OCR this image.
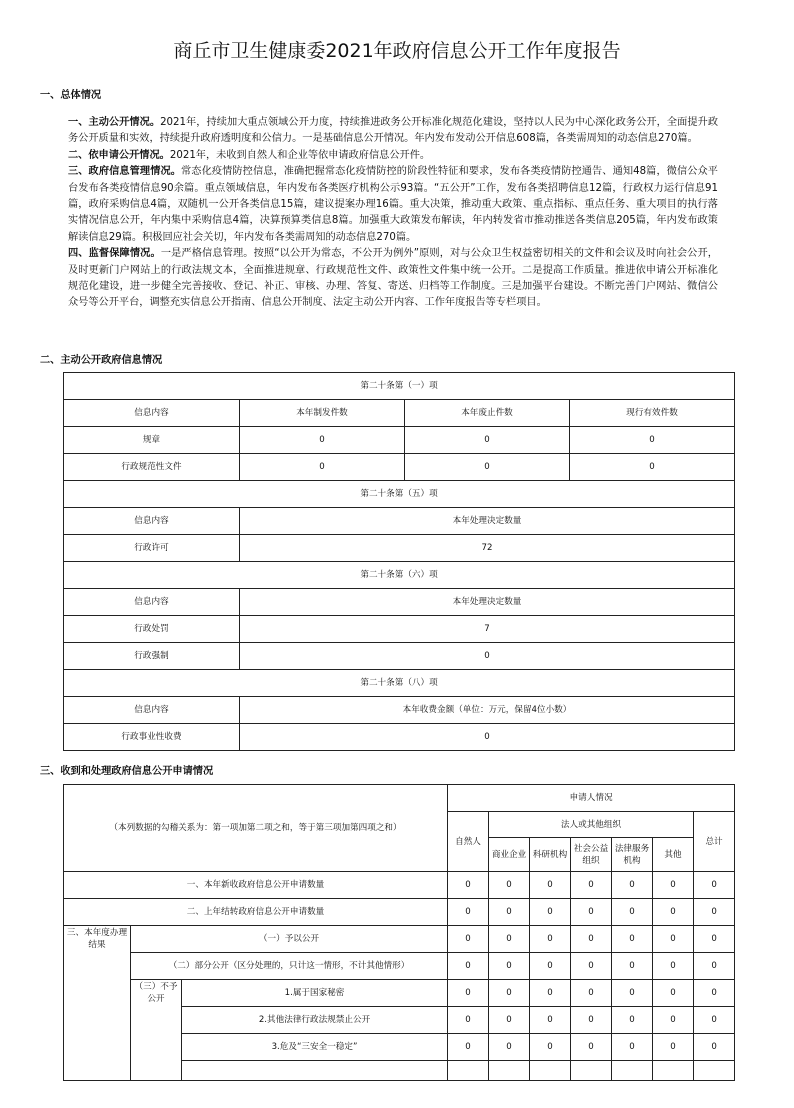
商丘市卫生健康委2021年政府信息公开工作年度报告
一、总体情况

一、主动公开情况。2021年，持续加大重点领域公开力度，持续推进政务公开标准化规范化建设，坚持以人民为中心深化政务公开，全面提升政务公开质量和实效，持续提升政府透明度和公信力。一是基础信息公开情况。年内发布发动公开信息608篇，各类需周知的动态信息270篇。

二、依申请公开情况。2021年，未收到自然人和企业等依申请政府信息公开件。

三、政府信息管理情况。常态化疫情防控信息，准确把握常态化疫情防控的阶段性特征和要求，发布各类疫情防控通告、通知48篇，微信公众平台发布各类疫情信息90余篇。重点领域信息，年内发布各类医疗机构公示93篇。“五公开”工作，发布各类招聘信息12篇，行政权力运行信息91篇，政府采购信息4篇，双随机一公开各类信息15篇，建议提案办理16篇。重大决策，推动重大政策、重点指标、重点任务、重大项目的执行落实情况信息公开，年内集中采购信息4篇，决算预算类信息8篇。加强重大政策发布解读，年内转发省市推动推送各类信息205篇，年内发布政策解读信息29篇。积极回应社会关切，年内发布各类需周知的动态信息270篇。

四、监督保障情况。一是严格信息管理。按照“以公开为常态，不公开为例外”原则，对与公众卫生权益密切相关的文件和会议及时向社会公开，及时更新门户网站上的行政法规文本，全面推进规章、行政规范性文件、政策性文件集中统一公开。二是提高工作质量。推进依申请公开标准化规范化建设，进一步健全完善接收、登记、补正、审核、办理、答复、寄送、归档等工作制度。三是加强平台建设。不断完善门户网站、微信公众号等公开平台，调整充实信息公开指南、信息公开制度、法定主动公开内容、工作年度报告等专栏项目。

二、主动公开政府信息情况
第二十条第（一）项			
信息内容	本年制发件数	本年废止件数	现行有效件数
规章	0	0	0
行政规范性文件	0	0	0
第二十条第（五）项			
信息内容	本年处理决定数量		
行政许可	72		
第二十条第（六）项			
信息内容	本年处理决定数量		
行政处罚	7		
行政强制	0		
第二十条第（八）项			
信息内容	本年收费金额（单位：万元，保留4位小数）		
行政事业性收费	0		
三、收到和处理政府信息公开申请情况
（本列数据的勾稽关系为：第一项加第二项之和，等于第三项加第四项之和）			申请人情况						
			自然人	法人或其他组织					总计
				商业企业	科研机构	社会公益组织	法律服务机构	其他	

一、本年新收政府信息公开申请数量			0	0	0	0	0	0	0
二、上年结转政府信息公开申请数量			0	0	0	0	0	0	0
三、本年度办理结果	（一）予以公开		0	0	0	0	0	0	0
	（二）部分公开（区分处理的，只计这一情形，不计其他情形）		0	0	0	0	0	0	0
	（三）不予公开	1.属于国家秘密	0	0	0	0	0	0	0
		2.其他法律行政法规禁止公开	0	0	0	0	0	0	0
		3.危及“三安全一稳定”	0	0	0	0	0	0	0
